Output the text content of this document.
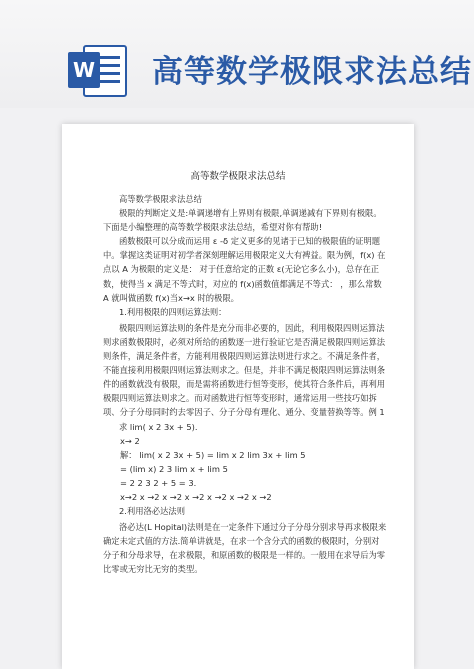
W 高等数学极限求法总结
高等数学极限求法总结

高等数学极限求法总结

极限的判断定义是:单调递增有上界则有极限,单调递减有下界则有极限。下面是小编整理的高等数学极限求法总结，希望对你有帮助!

函数极限可以分成而运用 ε -δ 定义更多的见诸于已知的极限值的证明题中。掌握这类证明对初学者深刻理解运用极限定义大有裨益。限为例，f(x) 在点以 A 为极限的定义是： 对于任意给定的正数 ε(无论它多么小)，总存在正数，使得当 x 满足不等式时，对应的 f(x)函数值都满足不等式： ，那么常数 A 就叫做函数 f(x)当x→x 时的极限。

1.利用极限的四则运算法则：

极限四则运算法则的条件是充分而非必要的，因此，利用极限四则运算法则求函数极限时，必须对所给的函数逐一进行验证它是否满足极限四则运算法则条件，满足条件者，方能利用极限四则运算法则进行求之。不满足条件者，不能直接利用极限四则运算法则求之。但是，并非不满足极限四则运算法则条件的函数就没有极限，而是需将函数进行恒等变形，使其符合条件后，再利用极限四则运算法则求之。而对函数进行恒等变形时，通常运用一些技巧如拆项、分子分母同时约去零因子、分子分母有理化、通分、变量替换等等。例 1

求 lim( x 2 3x + 5).

x→ 2

解： lim( x 2 3x + 5) = lim x 2 lim 3x + lim 5

= (lim x) 2 3 lim x + lim 5

= 2 2 3 2 + 5 = 3.

x→2 x →2 x →2 x →2 x →2 x →2 x →2

2.利用洛必达法则

洛必达(L Hopital)法则是在一定条件下通过分子分母分别求导再求极限来确定未定式值的方法.简单讲就是，在求一个含分式的函数的极限时，分别对分子和分母求导，在求极限，和原函数的极限是一样的。一般用在求导后为零比零或无穷比无穷的类型。
